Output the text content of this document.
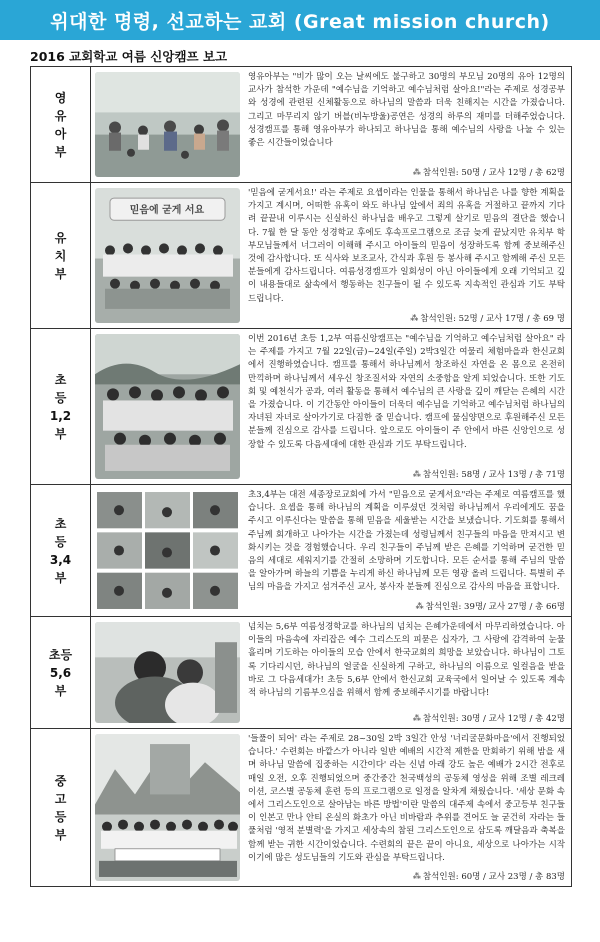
위대한 명령, 선교하는 교회 (Great mission church)
2016 교회학교 여름 신앙캠프 보고
영
유
아
부
영유아부는 "비가 많이 오는 날씨에도 불구하고 30명의 부모님 20명의 유아 12명의 교사가 참석한 가운데 "예수님을 기억하고 예수님처럼 살아요!"라는 주제로 성경공부와 성경에 관련된 신체활동으로 하나님의 말씀과 더욱 친해지는 시간을 가졌습니다. 그리고 마무리지 않기 버블(비누방울)공연은 성경의 하루의 재미를 더해주었습니다. 성경캠프를 통해 영유아부가 하나되고 하나님을 통해 예수님의 사랑을 나눌 수 있는 좋은 시간들이었습니다
⁂ 참석인원: 50명 / 교사 12명 / 총 62명
유
치
부
믿음에 굳게 서요
'믿음에 굳게서요!' 라는 주제로 요셉이라는 인물을 통해서 하나님은 나를 향한 계획을 가지고 계시며, 어떠한 유혹이 와도 하나님 앞에서 죄의 유혹을 거절하고 끝까지 기다려 끝끝내 이루시는 신실하신 하나님을 배우고 그렇게 살기로 믿음의 결단을 했습니다. 7월 한 달 동안 성경학교 후에도 후속프로그램으로 조금 늦게 끝났지만 유치부 학부모님들께서 너그러이 이해해 주시고 아이들의 믿음이 성장하도록 함께 중보해주신 것에 감사합니다. 또 식사와 보조교사, 간식과 후원 등 봉사해 주시고 함께해 주신 모든 분들에게 감사드립니다. 여름성경캠프가 일회성이 아닌 아이들에게 오래 기억되고 깊이 내용들대로 삶속에서 행동하는 친구들이 될 수 있도록 지속적인 관심과 기도 부탁드립니다.
⁂ 참석인원: 52명 / 교사 17명 / 총 69 명
초
등
1,2
부
이번 2016년 초등 1,2부 여름신앙캠프는 "예수님을 기억하고 예수님처럼 살아요" 라는 주제를 가지고 7월 22일(금)~24일(주일) 2박3일간 여물리 체험마을과 한신교회에서 진행하였습니다. 캠프를 통해서 하나님께서 창조하신 자연을 온 몸으로 온전히 만끽하며 하나님께서 세우신 창조질서와 자연의 소중함을 알게 되었습니다. 또한 기도회 및 예천식가 공과, 여러 활동을 통해서 예수님의 큰 사랑을 깊이 깨닫는 은혜의 시간을 가졌습니다. 이 기간동안 아이들이 더욱더 예수님을 기억하고 예수님처럼 하나님의 자녀된 자녀로 살아가기로 다짐한 줄 믿습니다. 캠프에 물심양면으로 후원해주신 모든 분들께 진심으로 감사를 드립니다. 앞으로도 아이들이 주 안에서 바른 신앙인으로 성장할 수 있도록 다음세대에 대한 관심과 기도 부탁드립니다.
⁂ 참석인원: 58명 / 교사 13명 / 총 71명
초
등
3,4
부
초3,4부는 대전 세종장로교회에 가서 "믿음으로 굳게서요"라는 주제로 여름캠프를 했습니다. 요셉을 통해 하나님의 계획을 이루셨던 것처럼 하나님께서 우리에게도 꿈을 주시고 이루신다는 말씀을 통해 믿음을 세울받는 시간을 보냈습니다. 기도회를 통해서 주님께 회개하고 나아가는 시간을 가졌는데 성령님께서 친구들의 마음을 만져시고 변화시키는 것을 경험했습니다. 우리 친구들이 주님께 받은 은혜를 기억하며 굳건한 믿음의 세대로 세워지기를 간절히 소망하며 기도합니다. 모든 순서를 통해 주님의 말씀을 알아가며 하늘의 기쁨을 누리게 하신 하나님께 모든 영광 올려 드립니다. 특별히 주님의 마음을 가지고 섬겨주신 교사, 봉사자 분들께 진심으로 감사의 마음을 표합니다.
⁂ 참석인원: 39명/ 교사 27명 / 총 66명
초등
5,6
부
넘치는 5,6부 여름성경학교를 하나님의 넘치는 은혜가운데에서 마무리하였습니다. 아이들의 마음속에 자리잡은 예수 그리스도의 피묻은 십자가, 그 사랑에 감격하여 눈물 흘리며 기도하는 아이들의 모습 안에서 한국교회의 희망을 보았습니다. 하나님이 그토록 기다리시던, 하나님의 얼굴을 신실하게 구하고, 하나님의 이름으로 일컬음을 받을 바로 그 다음세대가! 초등 5,6부 안에서 한신교회 교육국에서 일어날 수 있도록 계속적 하나님의 기름부으심을 위해서 함께 중보해주시기를 바랍니다!
⁂ 참석인원: 30명 / 교사 12명 / 총 42명
중
고
등
부
'들풀이 되어' 라는 주제로 28~30일 2박 3일간 안성 '너리굴문화마을'에서 진행되었습니다.' 수련회는 바깥스가 아니라 일반 예배의 시간적 제한을 만회하기 위해 밤을 새며 하나님 말씀에 집중하는 시간이다' 라는 신념 아래 강도 높은 예배가 2시간 전후로 매일 오전, 오후 진행되었으며 중간중간 천국백성의 공동체 영성을 위해 조별 레크레이션, 코스별 공동체 훈련 등의 프로그램으로 일정을 알차게 채웠습니다. '세상 문화 속에서 그리스도인으로 살아남는 바른 방법'이란 말씀의 대주제 속에서 중고등부 친구들이 인본고 만나 안티 온실의 화초가 아닌 비바람과 추위를 견어도 늘 굳건히 자라는 들풀처럼 '영적 분별력'을 가지고 세상속의 참된 그리스도인으로 삼도록 깨달음과 축복을 함께 받는 귀한 시간이었습니다. 수련회의 끝은 끝이 아니요, 세상으로 나아가는 시작이기에 많은 성도님들의 기도와 관심을 부탁드립니다.
⁂ 참석인원: 60명 / 교사 23명 / 총 83명
